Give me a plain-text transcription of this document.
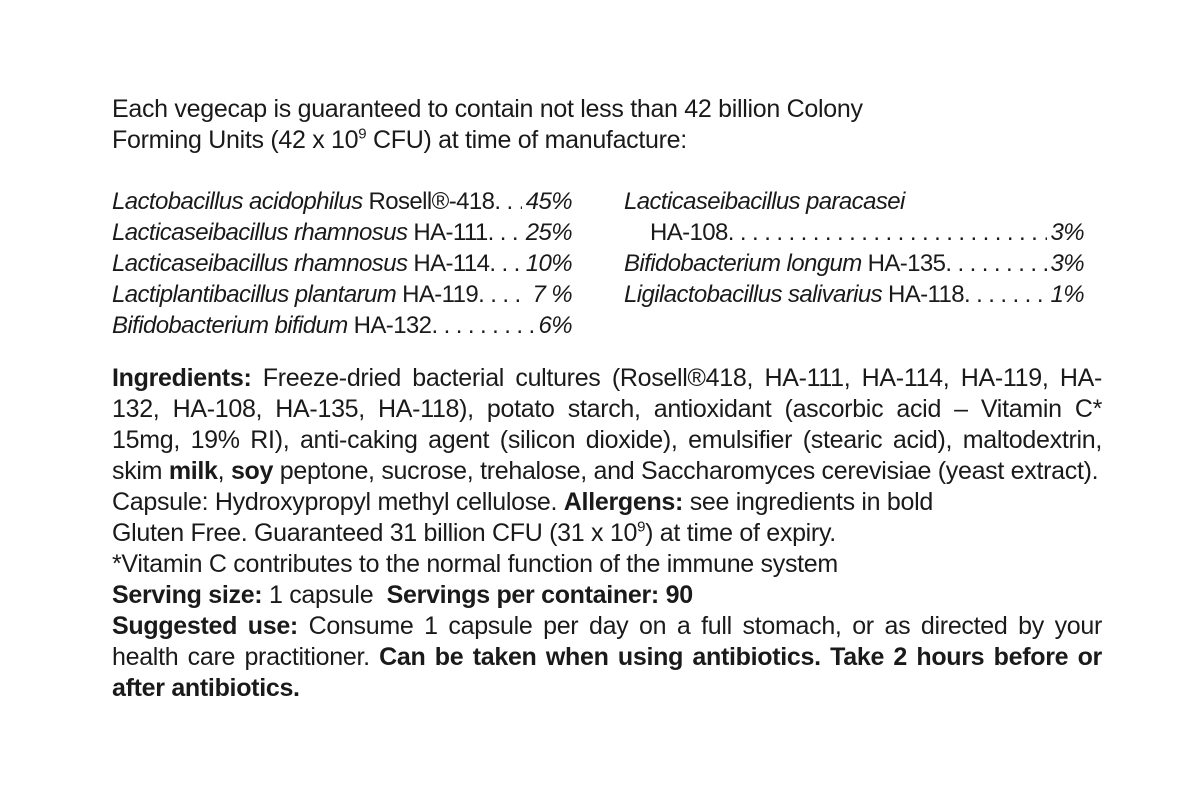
Each vegecap is guaranteed to contain not less than 42 billion Colony

Forming Units (42 x $10^9$ CFU) at time of manufacture:

Lactobacillus acidophilus Rosell®-418 . . . 45%
Lacticaseibacillus rhamnosus HA-111 . . . 25%
Lacticaseibacillus rhamnosus HA-114 . . . 10%
Lactiplantibacillus plantarum HA-119 . . . 7 %
Bifidobacterium bifidum HA-132 . . .	6%
Lacticaseibacillus paracasei
HA-108 . . .	3%
Bifidobacterium longum HA-135 . . .	3%
Ligilactobacillus salivarius HA-118 . . .	1%

Ingredients: Freeze-dried bacterial cultures (Rosell®418, HA-111, HA-114, HA-119, HA-132, HA-108, HA-135, HA-118), potato starch, antioxidant (ascorbic acid – Vitamin C* 15mg, 19% RI), anti-caking agent (silicon dioxide), emulsifier (stearic acid), maltodextrin, skim milk, soy peptone, sucrose, trehalose, and Saccharomyces cerevisiae (yeast extract).

Capsule: Hydroxypropyl methyl cellulose. Allergens: see ingredients in bold

Gluten Free. Guaranteed 31 billion CFU (31 x $10^9$) at time of expiry.

*Vitamin C contributes to the normal function of the immune system

Serving size: 1 capsule  Servings per container: 90

Suggested use: Consume 1 capsule per day on a full stomach, or as directed by your health care practitioner. Can be taken when using antibiotics. Take 2 hours before or after antibiotics.
